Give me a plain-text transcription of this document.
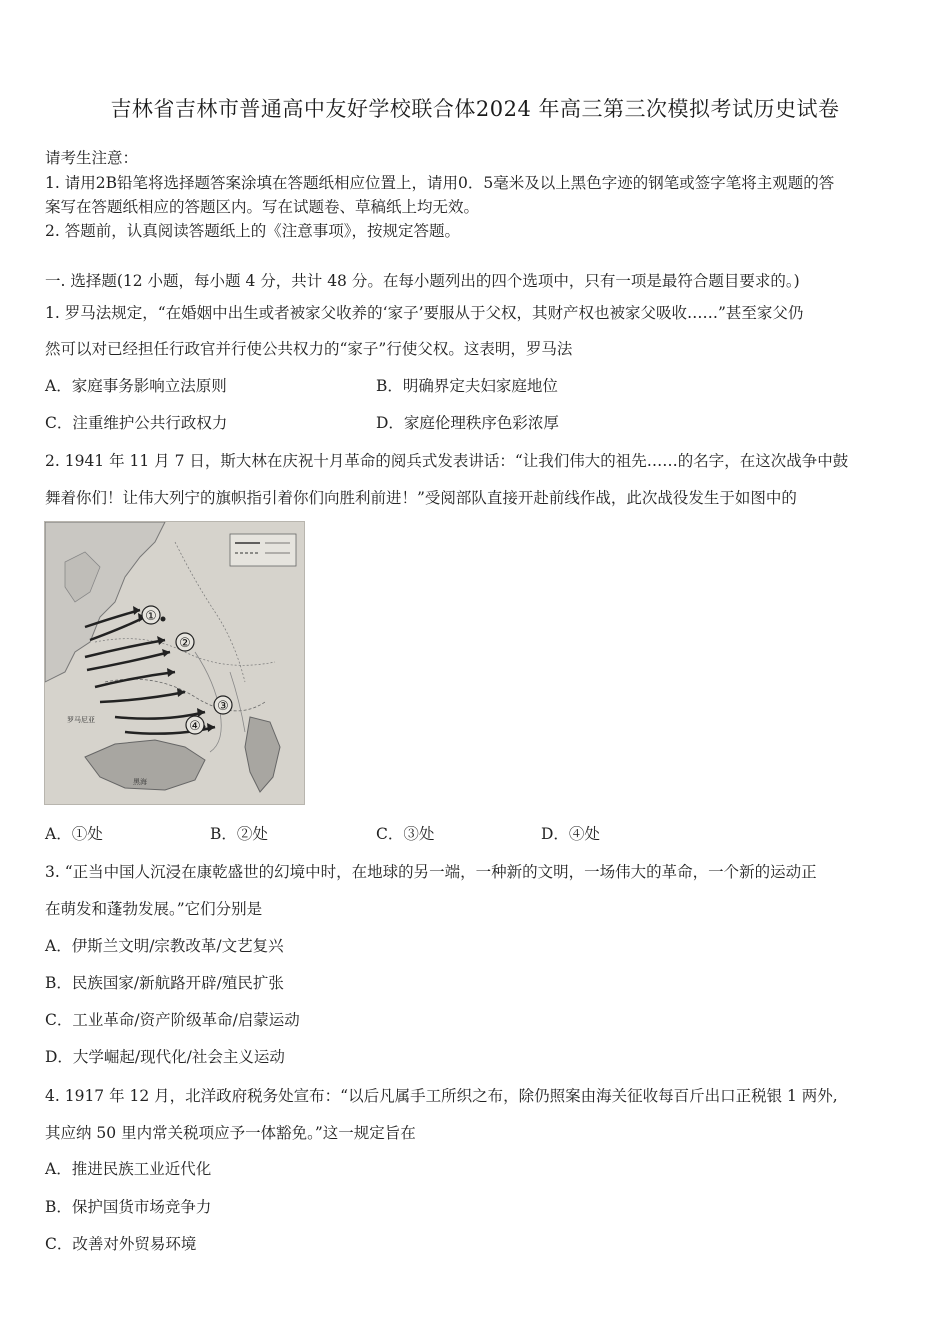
吉林省吉林市普通高中友好学校联合体2024 年高三第三次模拟考试历史试卷
请考生注意：
1. 请用2B铅笔将选择题答案涂填在答题纸相应位置上，请用0．5毫米及以上黑色字迹的钢笔或签字笔将主观题的答
案写在答题纸相应的答题区内。写在试题卷、草稿纸上均无效。
2. 答题前，认真阅读答题纸上的《注意事项》，按规定答题。
一. 选择题(12 小题，每小题 4 分，共计 48 分。在每小题列出的四个选项中，只有一项是最符合题目要求的。)
1. 罗马法规定，“在婚姻中出生或者被家父收养的‘家子’要服从于父权，其财产权也被家父吸收……”甚至家父仍
然可以对已经担任行政官并行使公共权力的“家子”行使父权。这表明，罗马法
A．家庭事务影响立法原则	B．明确界定夫妇家庭地位
C．注重维护公共行政权力	D．家庭伦理秩序色彩浓厚
2. 1941 年 11 月 7 日，斯大林在庆祝十月革命的阅兵式发表讲话：“让我们伟大的祖先……的名字，在这次战争中鼓
舞着你们！让伟大列宁的旗帜指引着你们向胜利前进！”受阅部队直接开赴前线作战，此次战役发生于如图中的
①
②
③
④
罗马尼亚
黑海
A．①处	B．②处	C．③处	D．④处
3. “正当中国人沉浸在康乾盛世的幻境中时，在地球的另一端，一种新的文明，一场伟大的革命，一个新的运动正
在萌发和蓬勃发展。”它们分别是
A．伊斯兰文明/宗教改革/文艺复兴
B．民族国家/新航路开辟/殖民扩张
C．工业革命/资产阶级革命/启蒙运动
D．大学崛起/现代化/社会主义运动
4. 1917 年 12 月，北洋政府税务处宣布：“以后凡属手工所织之布，除仍照案由海关征收每百斤出口正税银 1 两外,
其应纳 50 里内常关税项应予一体豁免。”这一规定旨在
A．推进民族工业近代化
B．保护国货市场竞争力
C．改善对外贸易环境
